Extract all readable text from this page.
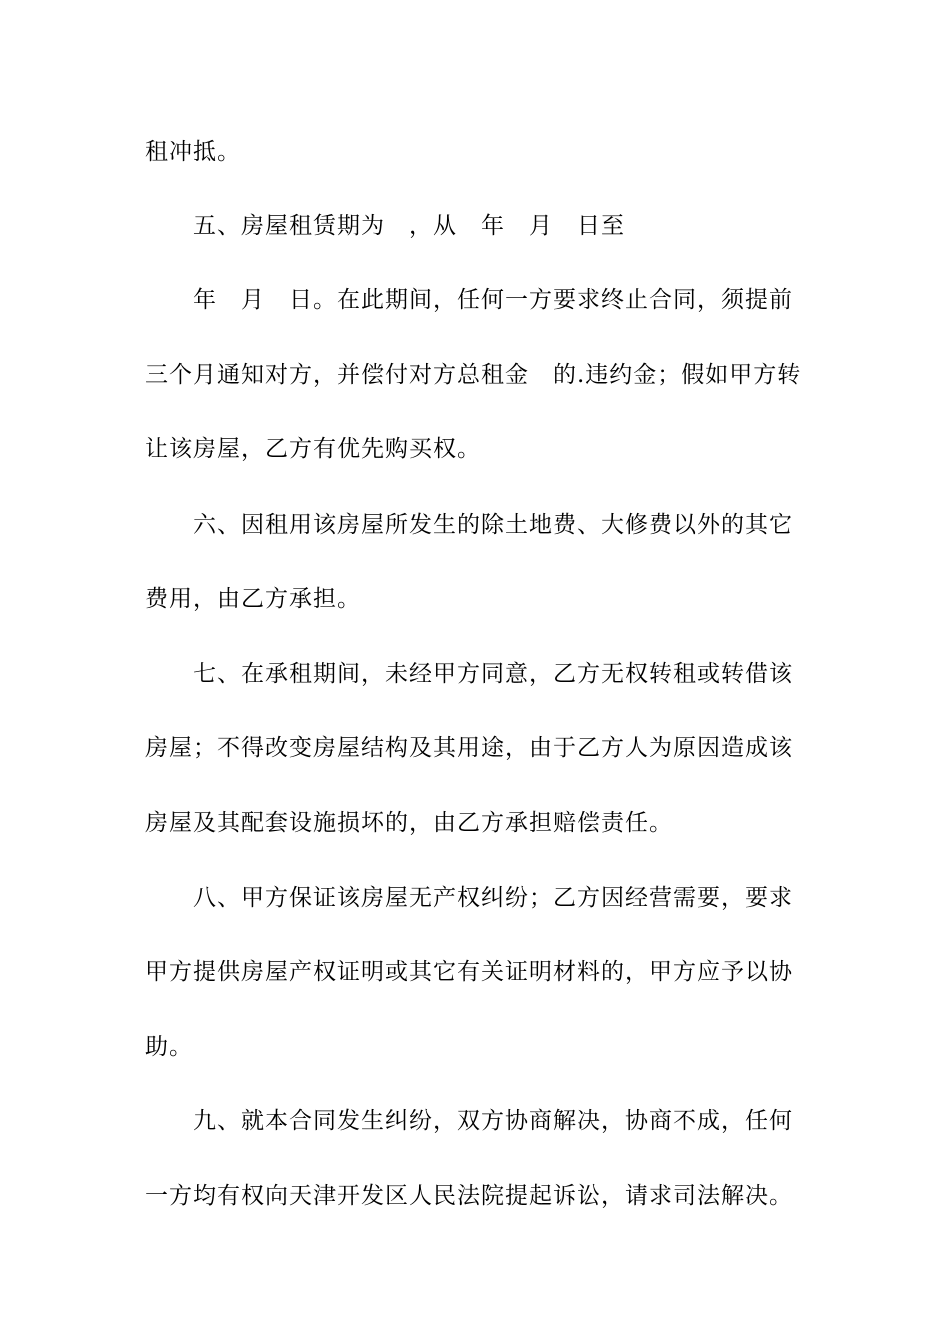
租冲抵。
五、房屋租赁期为　，从　年　月　日至
年　月　日。在此期间，任何一方要求终止合同，须提前
三个月通知对方，并偿付对方总租金　的.违约金；假如甲方转
让该房屋，乙方有优先购买权。
六、因租用该房屋所发生的除土地费、大修费以外的其它
费用，由乙方承担。
七、在承租期间，未经甲方同意，乙方无权转租或转借该
房屋；不得改变房屋结构及其用途，由于乙方人为原因造成该
房屋及其配套设施损坏的，由乙方承担赔偿责任。
八、甲方保证该房屋无产权纠纷；乙方因经营需要，要求
甲方提供房屋产权证明或其它有关证明材料的，甲方应予以协
助。
九、就本合同发生纠纷，双方协商解决，协商不成，任何
一方均有权向天津开发区人民法院提起诉讼，请求司法解决。
